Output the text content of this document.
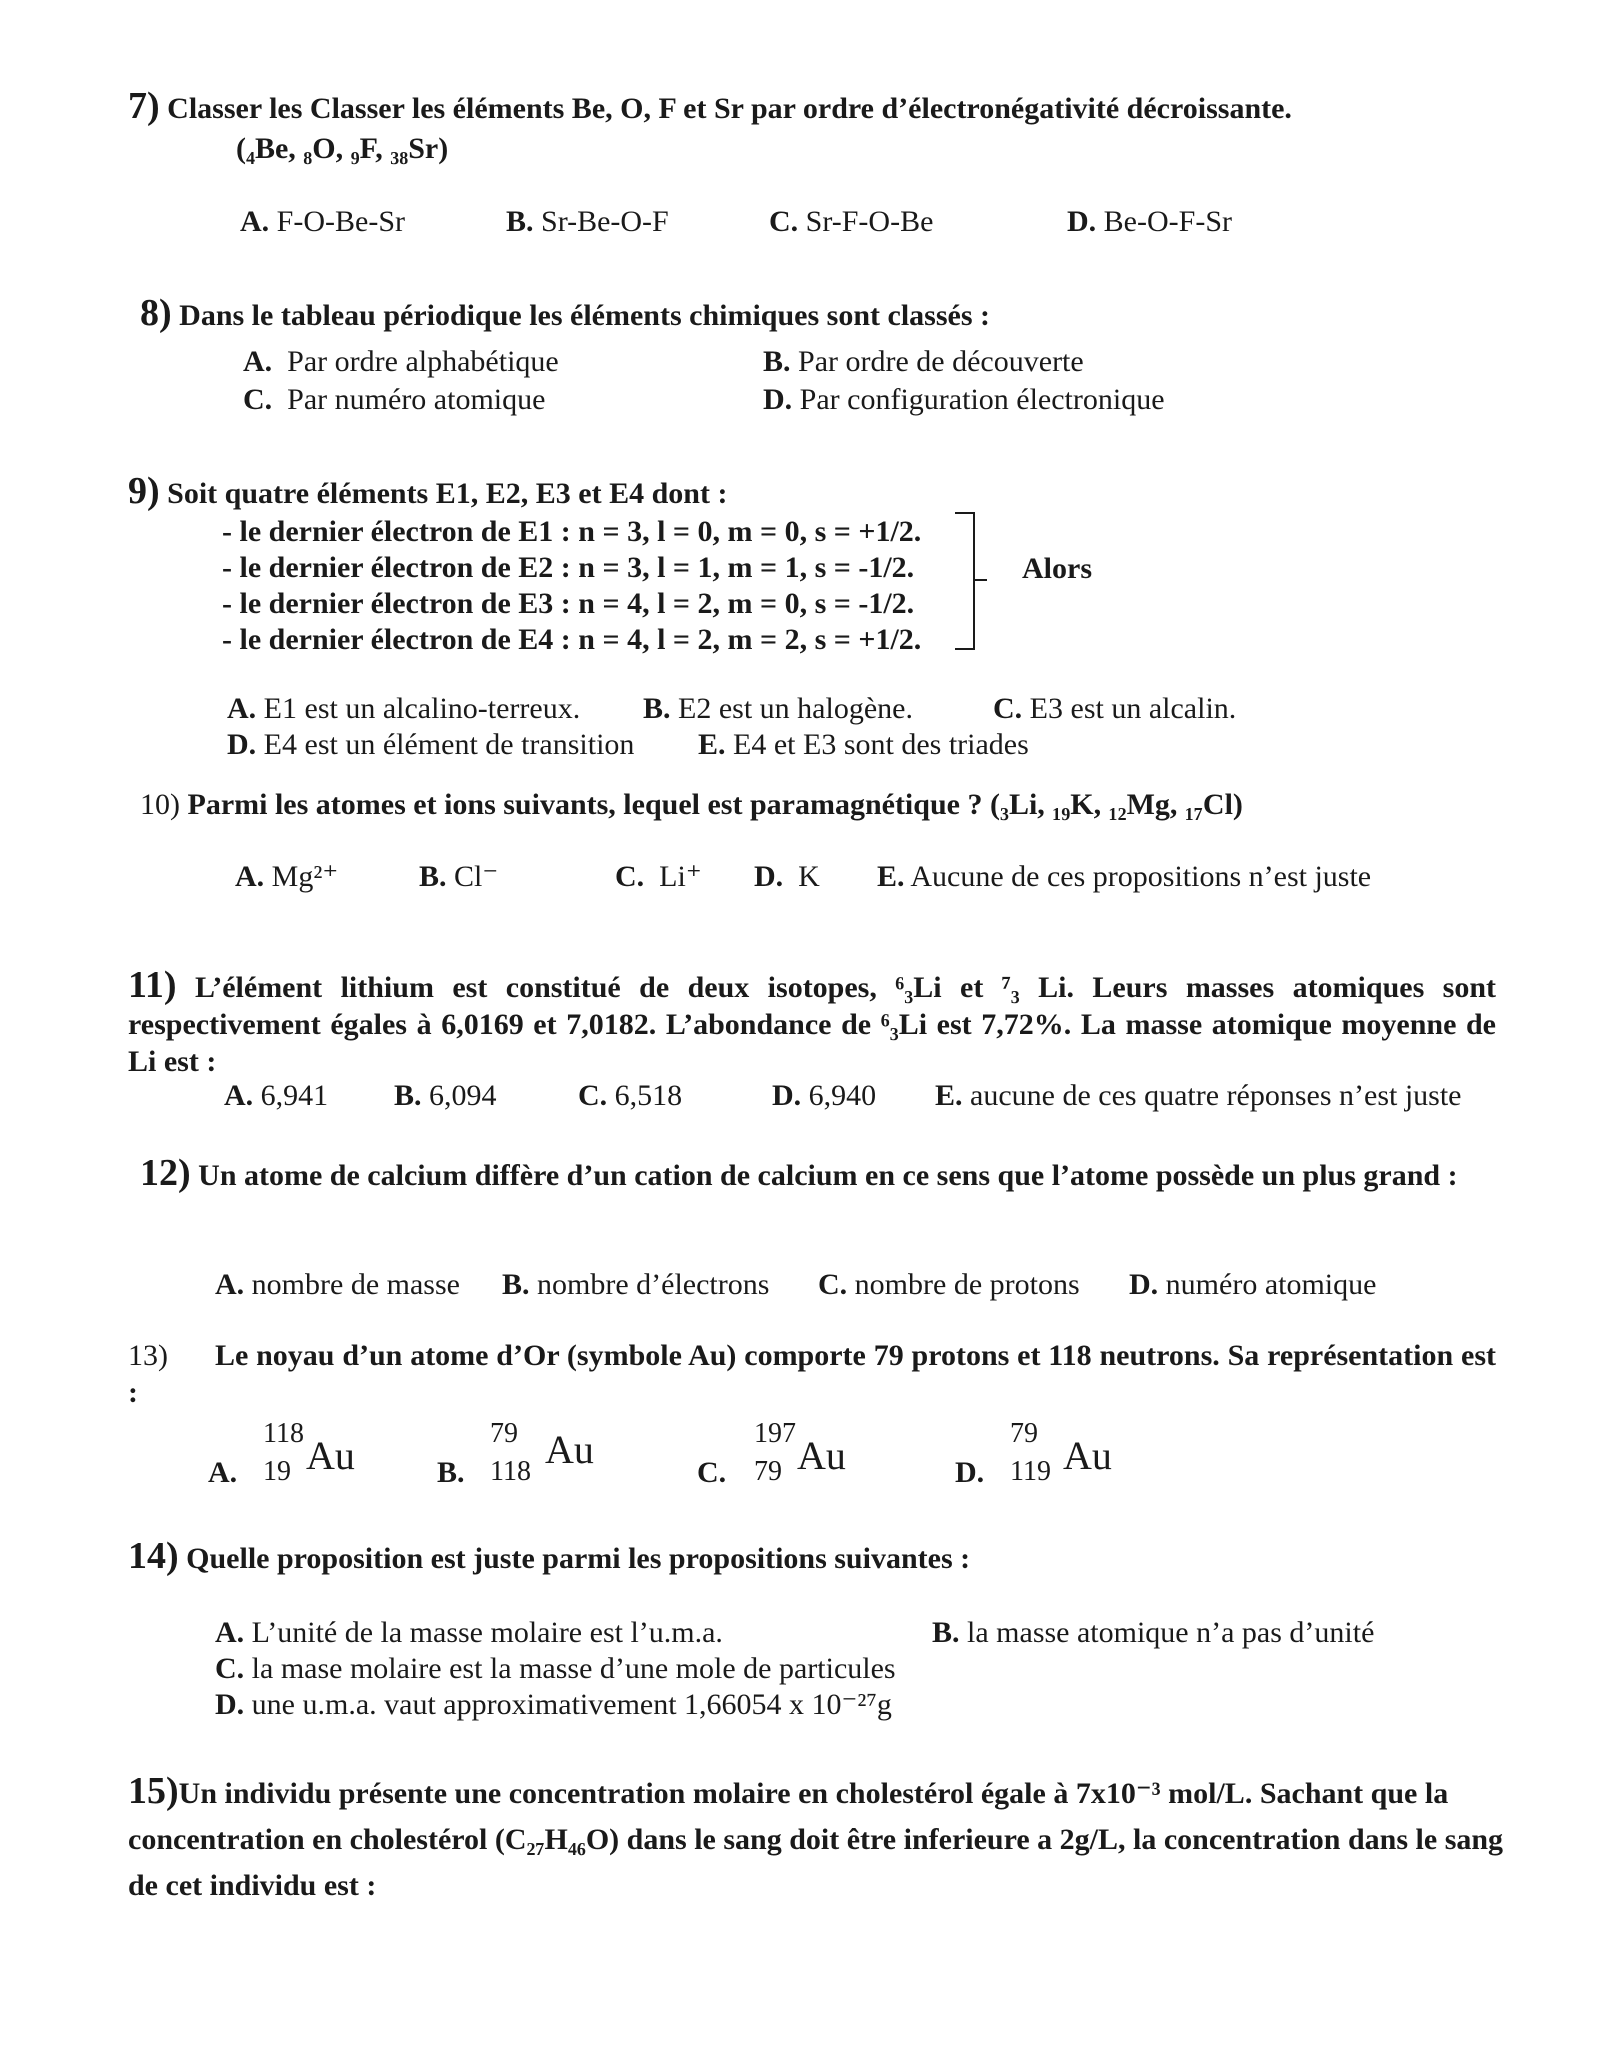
7) Classer les Classer les éléments Be, O, F et Sr par ordre d’électronégativité décroissante.
(₄Be, ₈O, ₉F, ₃₈Sr)
A. F-O-Be-Sr	B. Sr-Be-O-F	C. Sr-F-O-Be	D. Be-O-F-Sr
8) Dans le tableau périodique les éléments chimiques sont classés :
A. Par ordre alphabétique	B. Par ordre de découverte
C. Par numéro atomique	D. Par configuration électronique
9) Soit quatre éléments E1, E2, E3 et E4 dont :
- le dernier électron de E1 : n = 3, l = 0, m = 0, s = +1/2.
- le dernier électron de E2 : n = 3, l = 1, m = 1, s = -1/2.
- le dernier électron de E3 : n = 4, l = 2, m = 0, s = -1/2.
- le dernier électron de E4 : n = 4, l = 2, m = 2, s = +1/2.
Alors
A. E1 est un alcalino-terreux. B. E2 est un halogène.	C. E3 est un alcalin.
D. E4 est un élément de transition E. E4 et E3 sont des triades
10) Parmi les atomes et ions suivants, lequel est paramagnétique ? (₃Li, ₁₉K, ₁₂Mg, ₁₇Cl)
A. Mg²⁺	B. Cl⁻	C. Li⁺ D. K E. Aucune de ces propositions n’est juste
11) L’élément lithium est constitué de deux isotopes, ⁶₃Li et ⁷₃ Li. Leurs masses atomiques sont respectivement égales à 6,0169 et 7,0182. L’abondance de ⁶₃Li est 7,72%. La masse atomique moyenne de Li est :
A. 6,941 B. 6,094	C. 6,518	D. 6,940 E. aucune de ces quatre réponses n’est juste
12) Un atome de calcium diffère d’un cation de calcium en ce sens que l’atome possède un plus grand :
A. nombre de masse B. nombre d’électrons C. nombre de protons D. numéro atomique
13) Le noyau d’un atome d’Or (symbole Au) comporte 79 protons et 118 neutrons. Sa représentation est :
A.
118
19 Au	B.
79
118 Au
C.
197
79 Au	D.
79
119 Au
14) Quelle proposition est juste parmi les propositions suivantes :
A. L’unité de la masse molaire est l’u.m.a.	B. la masse atomique n’a pas d’unité
C. la mase molaire est la masse d’une mole de particules
D. une u.m.a. vaut approximativement 1,66054 x 10⁻²⁷g
15)Un individu présente une concentration molaire en cholestérol égale à 7x10⁻³ mol/L. Sachant que la concentration en cholestérol (C₂₇H₄₆O) dans le sang doit être inferieure a 2g/L, la concentration dans le sang de cet individu est :
